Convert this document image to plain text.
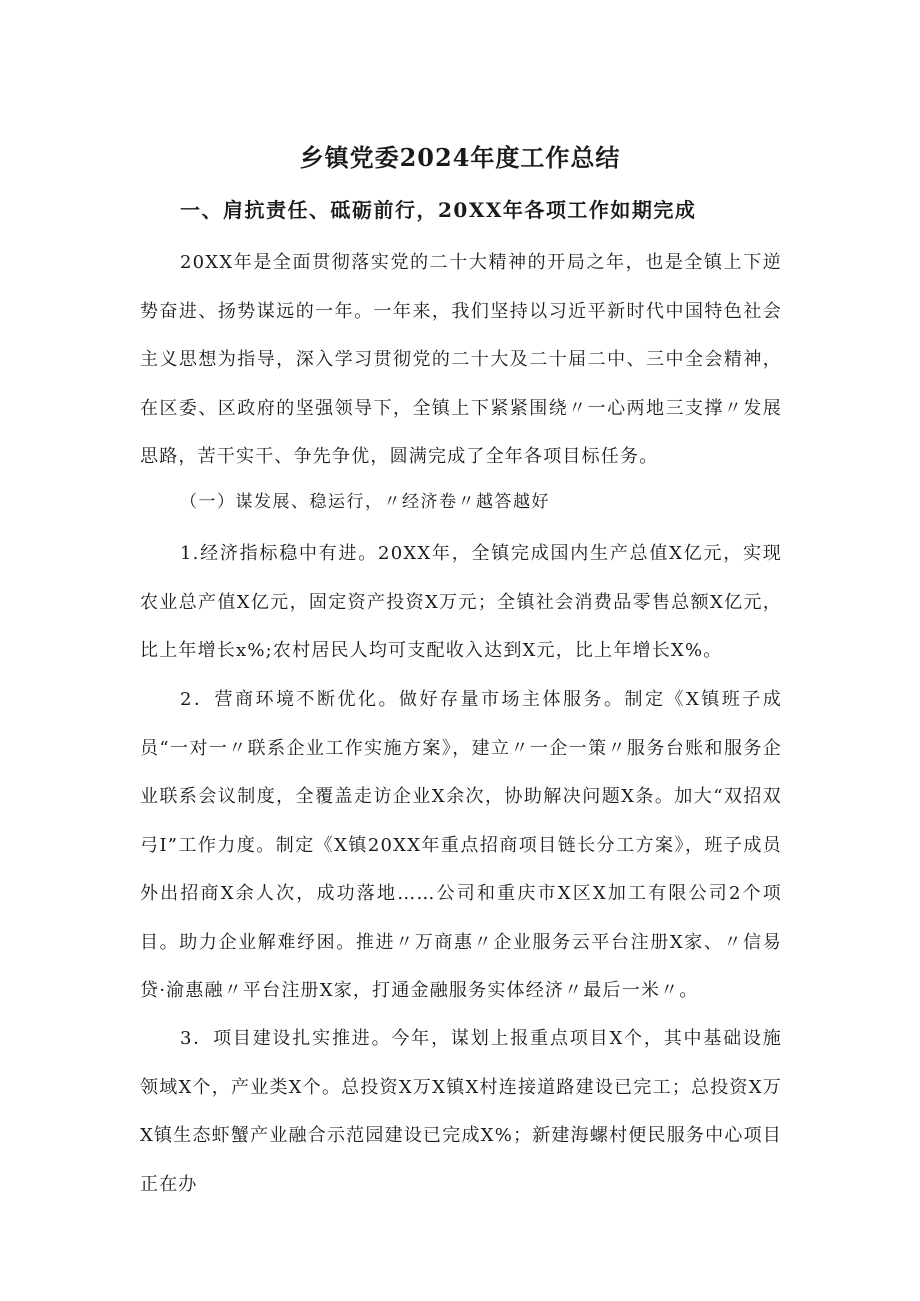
乡镇党委2024年度工作总结
一、肩抗责任、砥砺前行，20XX年各项工作如期完成

20XX年是全面贯彻落实党的二十大精神的开局之年，也是全镇上下逆势奋进、扬势谋远的一年。一年来，我们坚持以习近平新时代中国特色社会主义思想为指导，深入学习贯彻党的二十大及二十届二中、三中全会精神，在区委、区政府的坚强领导下，全镇上下紧紧围绕〃一心两地三支撑〃发展思路，苦干实干、争先争优，圆满完成了全年各项目标任务。

（一）谋发展、稳运行，〃经济卷〃越答越好

1.经济指标稳中有进。20XX年，全镇完成国内生产总值X亿元，实现农业总产值X亿元，固定资产投资X万元；全镇社会消费品零售总额X亿元，比上年增长x%;农村居民人均可支配收入达到X元，比上年增长X%。

2．营商环境不断优化。做好存量市场主体服务。制定《X镇班子成员“一对一〃联系企业工作实施方案》，建立〃一企一策〃服务台账和服务企业联系会议制度，全覆盖走访企业X余次，协助解决问题X条。加大“双招双弓I”工作力度。制定《X镇20XX年重点招商项目链长分工方案》，班子成员外出招商X余人次，成功落地……公司和重庆市X区X加工有限公司2个项目。助力企业解难纾困。推进〃万商惠〃企业服务云平台注册X家、〃信易贷·渝惠融〃平台注册X家，打通金融服务实体经济〃最后一米〃。

3．项目建设扎实推进。今年，谋划上报重点项目X个，其中基础设施领域X个，产业类X个。总投资X万X镇X村连接道路建设已完工；总投资X万X镇生态虾蟹产业融合示范园建设已完成X%；新建海螺村便民服务中心项目正在办
